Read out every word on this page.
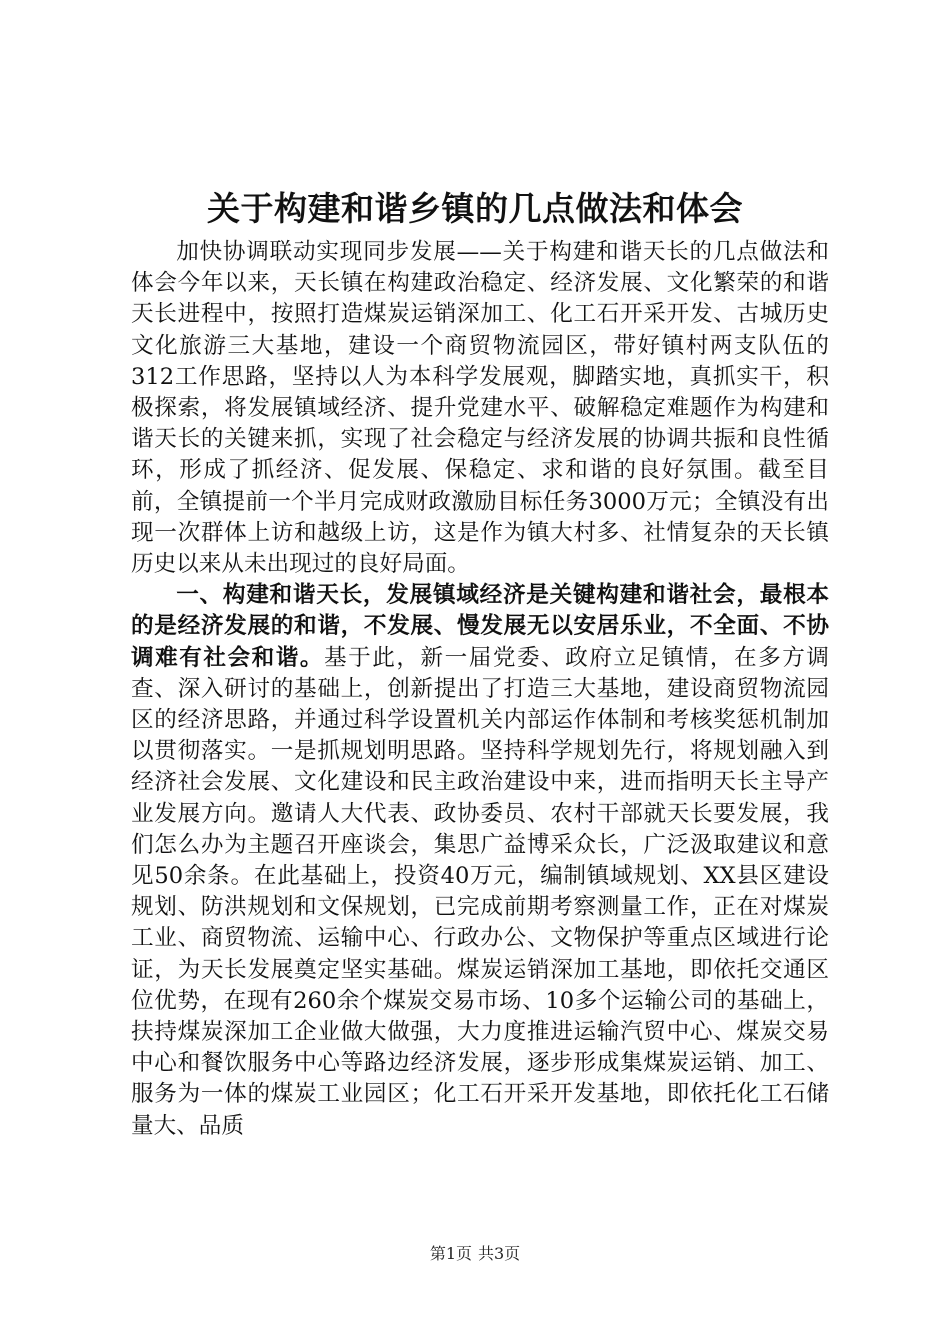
关于构建和谐乡镇的几点做法和体会

加快协调联动实现同步发展——关于构建和谐天长的几点做法和体会今年以来，天长镇在构建政治稳定、经济发展、文化繁荣的和谐天长进程中，按照打造煤炭运销深加工、化工石开采开发、古城历史文化旅游三大基地，建设一个商贸物流园区，带好镇村两支队伍的312工作思路，坚持以人为本科学发展观，脚踏实地，真抓实干，积极探索，将发展镇域经济、提升党建水平、破解稳定难题作为构建和谐天长的关键来抓，实现了社会稳定与经济发展的协调共振和良性循环，形成了抓经济、促发展、保稳定、求和谐的良好氛围。截至目前，全镇提前一个半月完成财政激励目标任务3000万元；全镇没有出现一次群体上访和越级上访，这是作为镇大村多、社情复杂的天长镇历史以来从未出现过的良好局面。

一、构建和谐天长，发展镇域经济是关键构建和谐社会，最根本的是经济发展的和谐，不发展、慢发展无以安居乐业，不全面、不协调难有社会和谐。基于此，新一届党委、政府立足镇情，在多方调查、深入研讨的基础上，创新提出了打造三大基地，建设商贸物流园区的经济思路，并通过科学设置机关内部运作体制和考核奖惩机制加以贯彻落实。一是抓规划明思路。坚持科学规划先行，将规划融入到经济社会发展、文化建设和民主政治建设中来，进而指明天长主导产业发展方向。邀请人大代表、政协委员、农村干部就天长要发展，我们怎么办为主题召开座谈会，集思广益博采众长，广泛汲取建议和意见50余条。在此基础上，投资40万元，编制镇域规划、XX县区建设规划、防洪规划和文保规划，已完成前期考察测量工作，正在对煤炭工业、商贸物流、运输中心、行政办公、文物保护等重点区域进行论证，为天长发展奠定坚实基础。煤炭运销深加工基地，即依托交通区位优势，在现有260余个煤炭交易市场、10多个运输公司的基础上，扶持煤炭深加工企业做大做强，大力度推进运输汽贸中心、煤炭交易中心和餐饮服务中心等路边经济发展，逐步形成集煤炭运销、加工、服务为一体的煤炭工业园区；化工石开采开发基地，即依托化工石储量大、品质

第1页 共3页
